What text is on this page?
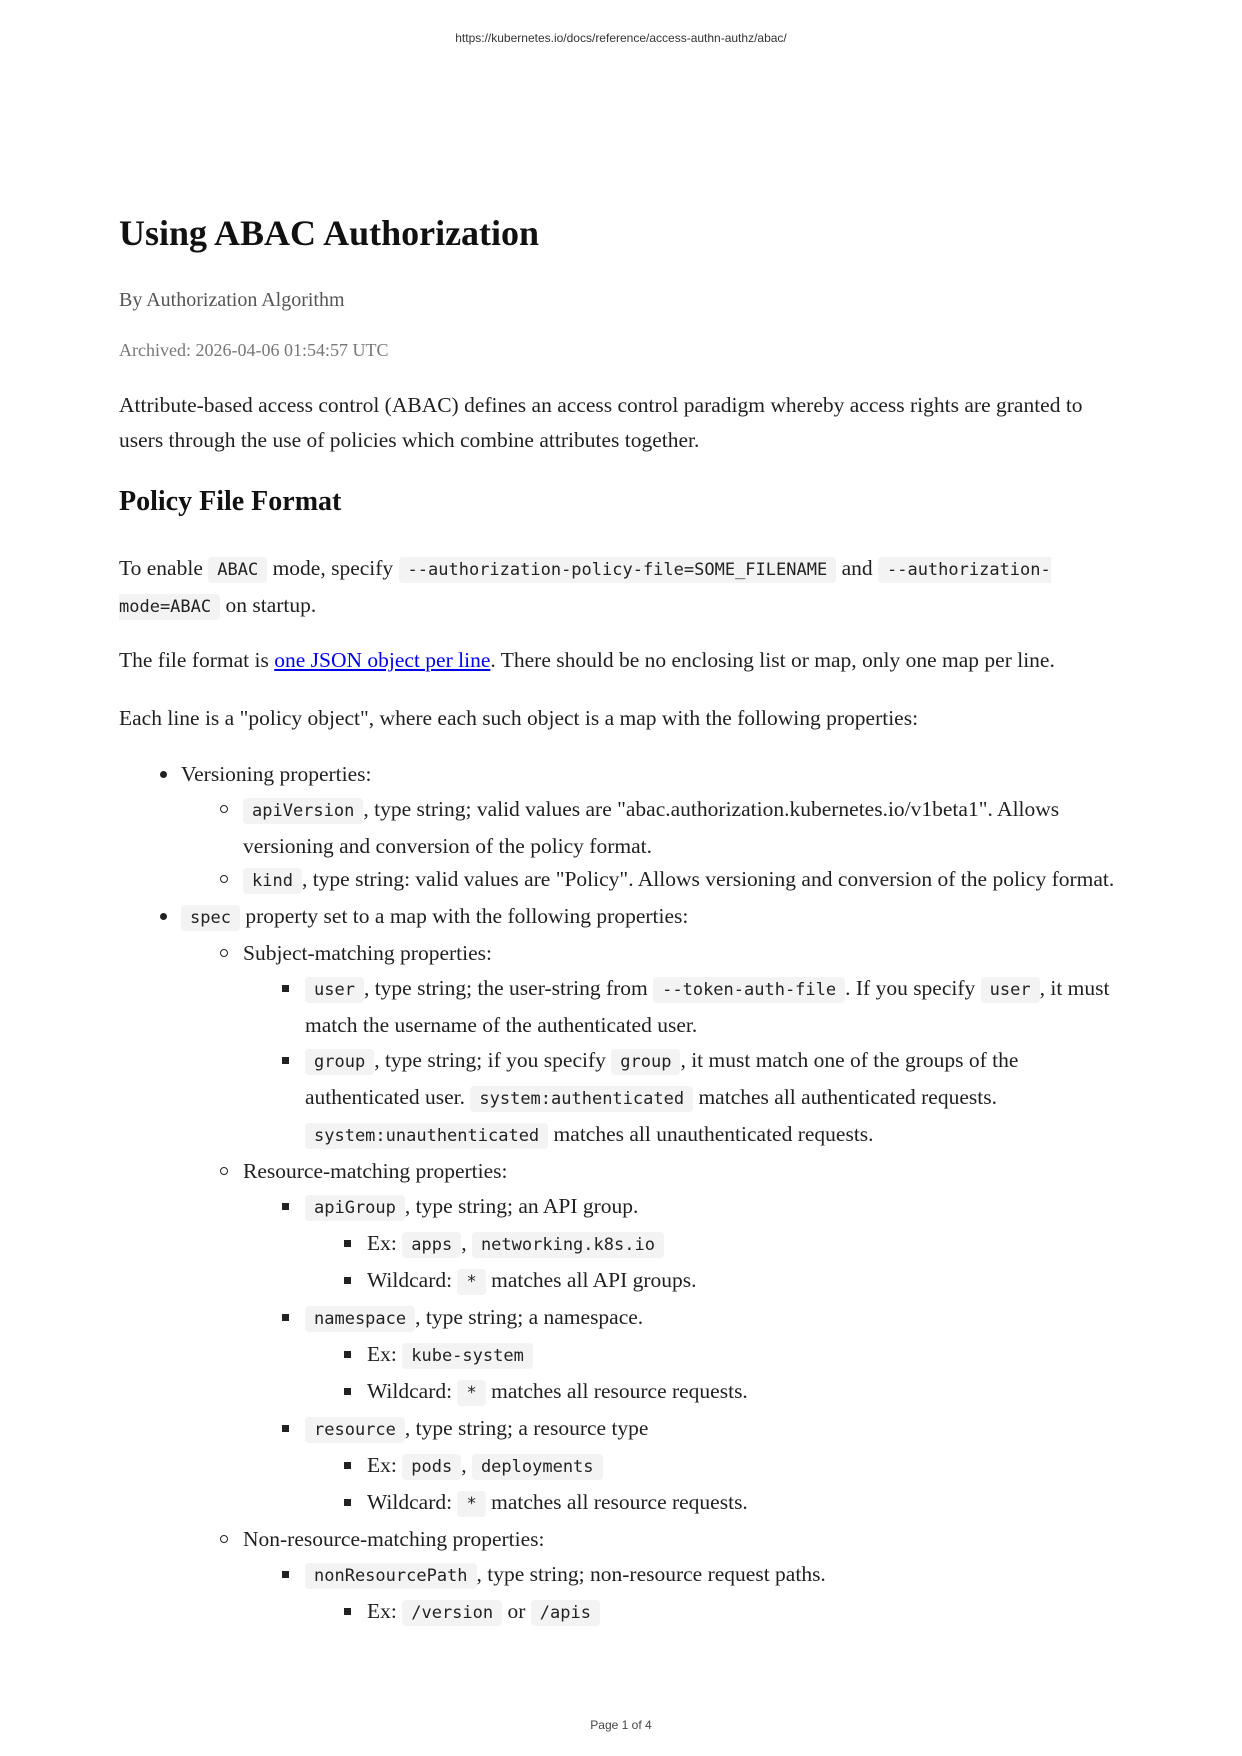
https://kubernetes.io/docs/reference/access-authn-authz/abac/
Using ABAC Authorization
By Authorization Algorithm
Archived: 2026-04-06 01:54:57 UTC

Attribute-based access control (ABAC) defines an access control paradigm whereby access rights are granted to users through the use of policies which combine attributes together.

Policy File Format

To enable ABAC mode, specify --authorization-policy-file=SOME_FILENAME and --authorization-mode=ABAC on startup.

The file format is one JSON object per line. There should be no enclosing list or map, only one map per line.

Each line is a "policy object", where each such object is a map with the following properties:

Versioning properties:
apiVersion , type string; valid values are "abac.authorization.kubernetes.io/v1beta1". Allows versioning and conversion of the policy format.
kind , type string: valid values are "Policy". Allows versioning and conversion of the policy format.
spec property set to a map with the following properties:
Subject-matching properties:
user , type string; the user-string from --token-auth-file . If you specify user , it must match the username of the authenticated user.
group , type string; if you specify group , it must match one of the groups of the authenticated user. system:authenticated matches all authenticated requests. system:unauthenticated matches all unauthenticated requests.
Resource-matching properties:
apiGroup , type string; an API group.
Ex: apps , networking.k8s.io
Wildcard: * matches all API groups.
namespace , type string; a namespace.
Ex: kube-system
Wildcard: * matches all resource requests.
resource , type string; a resource type
Ex: pods , deployments
Wildcard: * matches all resource requests.
Non-resource-matching properties:
nonResourcePath , type string; non-resource request paths.
Ex: /version or /apis
Page 1 of 4
